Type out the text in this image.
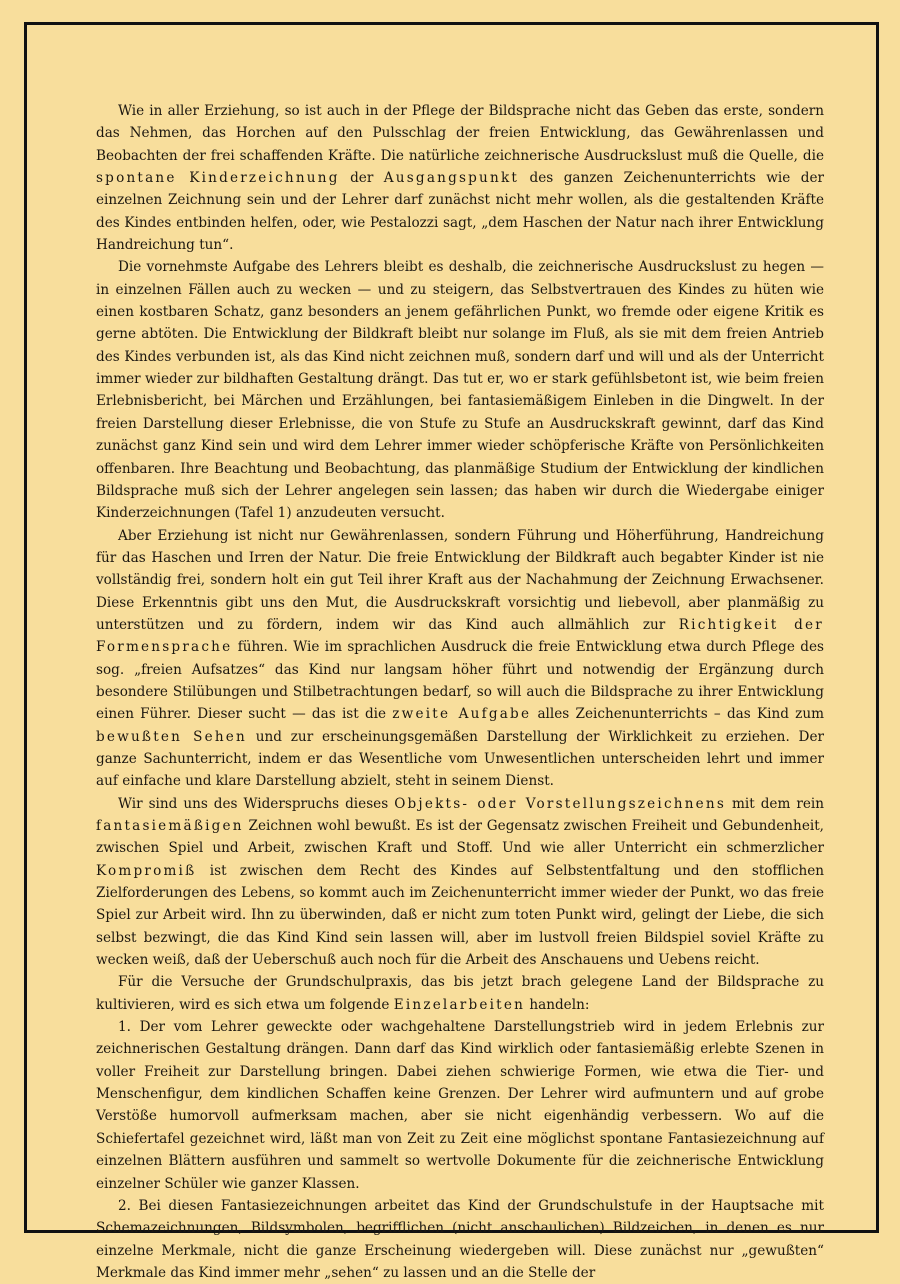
Wie in aller Erziehung, so ist auch in der Pflege der Bildsprache nicht das Geben das erste, sondern das Nehmen, das Horchen auf den Pulsschlag der freien Entwicklung, das Gewährenlassen und Beobachten der frei schaffenden Kräfte. Die natürliche zeichnerische Ausdruckslust muß die Quelle, die spontane Kinderzeichnung der Ausgangspunkt des ganzen Zeichenunterrichts wie der einzelnen Zeichnung sein und der Lehrer darf zunächst nicht mehr wollen, als die gestaltenden Kräfte des Kindes entbinden helfen, oder, wie Pestalozzi sagt, „dem Haschen der Natur nach ihrer Entwicklung Handreichung tun“.

Die vornehmste Aufgabe des Lehrers bleibt es deshalb, die zeichnerische Ausdruckslust zu hegen — in einzelnen Fällen auch zu wecken — und zu steigern, das Selbstvertrauen des Kindes zu hüten wie einen kostbaren Schatz, ganz besonders an jenem gefährlichen Punkt, wo fremde oder eigene Kritik es gerne abtöten. Die Entwicklung der Bildkraft bleibt nur solange im Fluß, als sie mit dem freien Antrieb des Kindes verbunden ist, als das Kind nicht zeichnen muß, sondern darf und will und als der Unterricht immer wieder zur bildhaften Gestaltung drängt. Das tut er, wo er stark gefühlsbetont ist, wie beim freien Erlebnisbericht, bei Märchen und Erzählungen, bei fantasiemäßigem Einleben in die Dingwelt. In der freien Darstellung dieser Erlebnisse, die von Stufe zu Stufe an Ausdruckskraft gewinnt, darf das Kind zunächst ganz Kind sein und wird dem Lehrer immer wieder schöpferische Kräfte von Persönlichkeiten offenbaren. Ihre Beachtung und Beobachtung, das planmäßige Studium der Entwicklung der kindlichen Bildsprache muß sich der Lehrer angelegen sein lassen; das haben wir durch die Wiedergabe einiger Kinderzeichnungen (Tafel 1) anzudeuten versucht.

Aber Erziehung ist nicht nur Gewährenlassen, sondern Führung und Höherführung, Handreichung für das Haschen und Irren der Natur. Die freie Entwicklung der Bildkraft auch begabter Kinder ist nie vollständig frei, sondern holt ein gut Teil ihrer Kraft aus der Nachahmung der Zeichnung Erwachsener. Diese Erkenntnis gibt uns den Mut, die Ausdruckskraft vorsichtig und liebevoll, aber planmäßig zu unterstützen und zu fördern, indem wir das Kind auch allmählich zur Richtigkeit der Formensprache führen. Wie im sprachlichen Ausdruck die freie Entwicklung etwa durch Pflege des sog. „freien Aufsatzes“ das Kind nur langsam höher führt und notwendig der Ergänzung durch besondere Stilübungen und Stilbetrachtungen bedarf, so will auch die Bildsprache zu ihrer Entwicklung einen Führer. Dieser sucht — das ist die zweite Aufgabe alles Zeichenunterrichts – das Kind zum bewußten Sehen und zur erscheinungsgemäßen Darstellung der Wirklichkeit zu erziehen. Der ganze Sachunterricht, indem er das Wesentliche vom Unwesentlichen unterscheiden lehrt und immer auf einfache und klare Darstellung abzielt, steht in seinem Dienst.

Wir sind uns des Widerspruchs dieses Objekts- oder Vorstellungszeichnens mit dem rein fantasiemäßigen Zeichnen wohl bewußt. Es ist der Gegensatz zwischen Freiheit und Gebundenheit, zwischen Spiel und Arbeit, zwischen Kraft und Stoff. Und wie aller Unterricht ein schmerzlicher Kompromiß ist zwischen dem Recht des Kindes auf Selbstentfaltung und den stofflichen Zielforderungen des Lebens, so kommt auch im Zeichenunterricht immer wieder der Punkt, wo das freie Spiel zur Arbeit wird. Ihn zu überwinden, daß er nicht zum toten Punkt wird, gelingt der Liebe, die sich selbst bezwingt, die das Kind Kind sein lassen will, aber im lustvoll freien Bildspiel soviel Kräfte zu wecken weiß, daß der Ueberschuß auch noch für die Arbeit des Anschauens und Uebens reicht.

Für die Versuche der Grundschulpraxis, das bis jetzt brach gelegene Land der Bildsprache zu kultivieren, wird es sich etwa um folgende Einzelarbeiten handeln:

1. Der vom Lehrer geweckte oder wachgehaltene Darstellungstrieb wird in jedem Erlebnis zur zeichnerischen Gestaltung drängen. Dann darf das Kind wirklich oder fantasiemäßig erlebte Szenen in voller Freiheit zur Darstellung bringen. Dabei ziehen schwierige Formen, wie etwa die Tier- und Menschenfigur, dem kindlichen Schaffen keine Grenzen. Der Lehrer wird aufmuntern und auf grobe Verstöße humorvoll aufmerksam machen, aber sie nicht eigenhändig verbessern. Wo auf die Schiefertafel gezeichnet wird, läßt man von Zeit zu Zeit eine möglichst spontane Fantasiezeichnung auf einzelnen Blättern ausführen und sammelt so wertvolle Dokumente für die zeichnerische Entwicklung einzelner Schüler wie ganzer Klassen.

2. Bei diesen Fantasiezeichnungen arbeitet das Kind der Grundschulstufe in der Hauptsache mit Schemazeichnungen, Bildsymbolen, begrifflichen (nicht anschaulichen) Bildzeichen, in denen es nur einzelne Merkmale, nicht die ganze Erscheinung wiedergeben will. Diese zunächst nur „gewußten“ Merkmale das Kind immer mehr „sehen“ zu lassen und an die Stelle der
